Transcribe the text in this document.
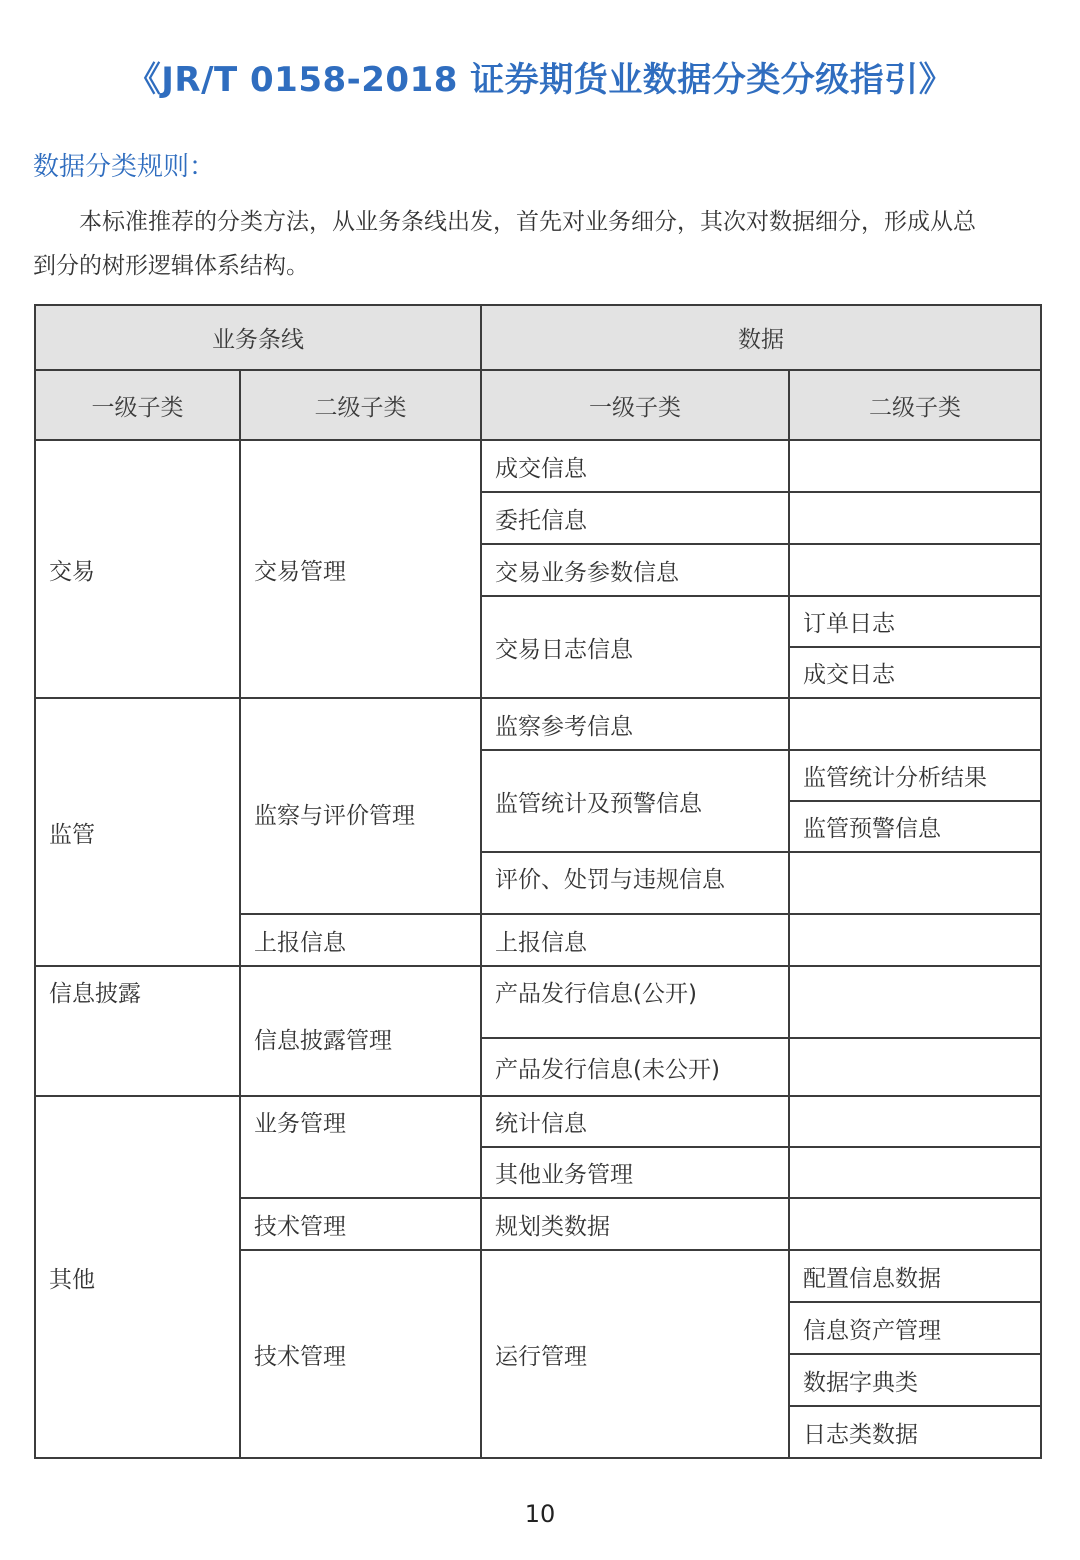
《JR/T 0158-2018 证券期货业数据分类分级指引》
数据分类规则：
本标准推荐的分类方法，从业务条线出发，首先对业务细分，其次对数据细分，形成从总到分的树形逻辑体系结构。
业务条线		数据	
一级子类	二级子类	一级子类	二级子类
交易	交易管理	成交信息	
		委托信息	
		交易业务参数信息	
		交易日志信息	订单日志
			成交日志
监管	监察与评价管理	监察参考信息	
		监管统计及预警信息	监管统计分析结果
			监管预警信息
		评价、处罚与违规信息	
	上报信息	上报信息	
信息披露	信息披露管理	产品发行信息(公开)	
		产品发行信息(未公开)	
其他	业务管理	统计信息	
		其他业务管理	
	技术管理	规划类数据	
	技术管理	运行管理	配置信息数据
			信息资产管理
			数据字典类
			日志类数据
10
